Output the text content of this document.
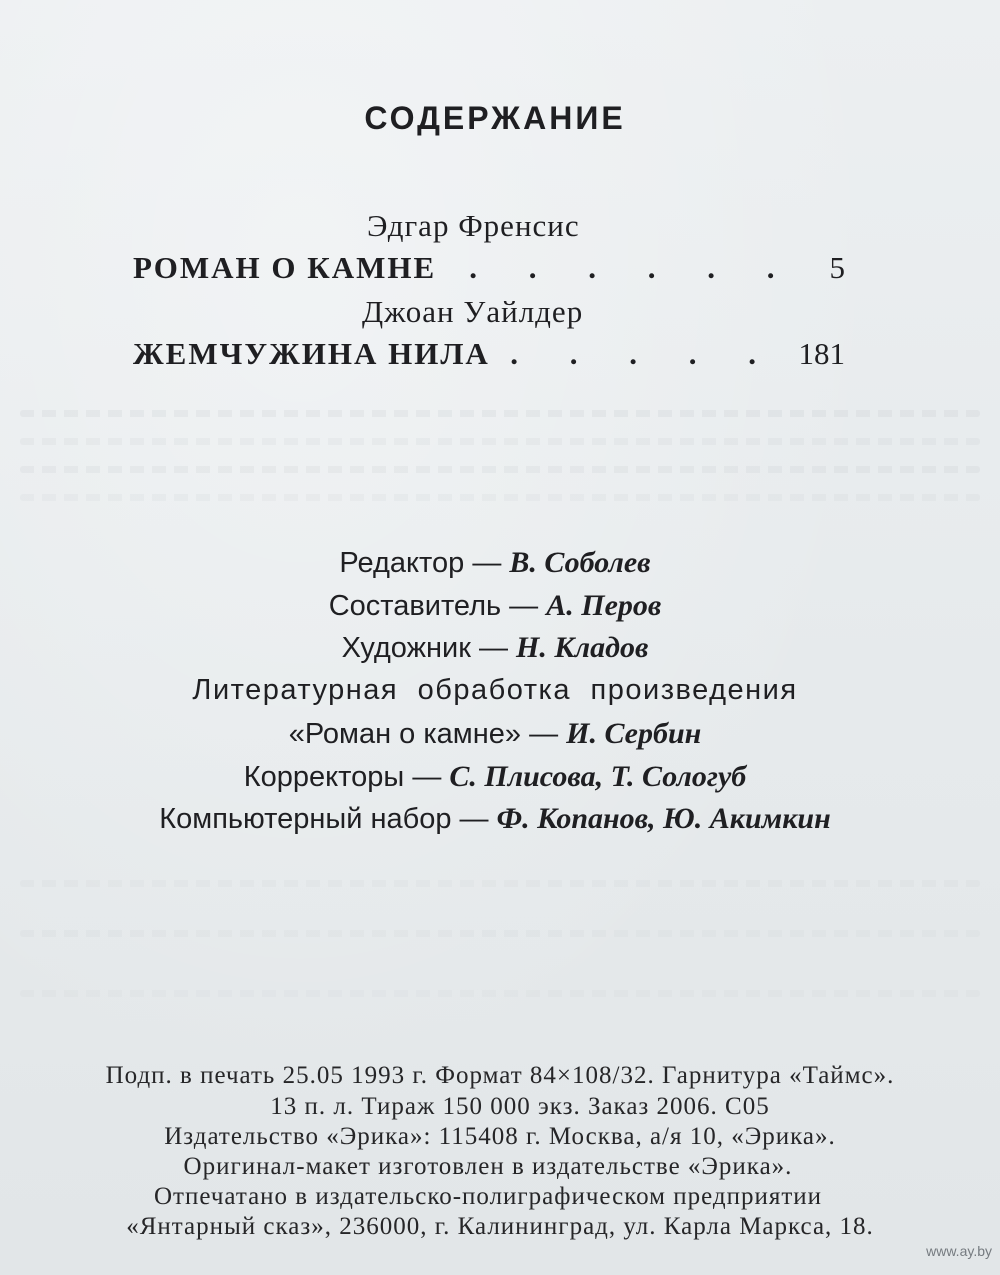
СОДЕРЖАНИЕ
Эдгар Френсис
РОМАН О КАМНЕ	. . . . . .	5
Джоан Уайлдер
ЖЕМЧУЖИНА НИЛА . . . . . 181
Редактор — В. Соболев
Составитель — А. Перов
Художник — Н. Кладов
Литературная обработка произведения
«Роман о камне» — И. Сербин
Корректоры — С. Плисова, Т. Сологуб
Компьютерный набор — Ф. Копанов, Ю. Акимкин
Подп. в печать 25.05 1993 г. Формат 84×108/32. Гарнитура «Таймс».
13 п. л. Тираж 150 000 экз. Заказ 2006. С05
Издательство «Эрика»: 115408 г. Москва, а/я 10, «Эрика».
Оригинал-макет изготовлен в издательстве «Эрика».
Отпечатано в издательско-полиграфическом предприятии
«Янтарный сказ», 236000, г. Калининград, ул. Карла Маркса, 18.
www.ay.by
